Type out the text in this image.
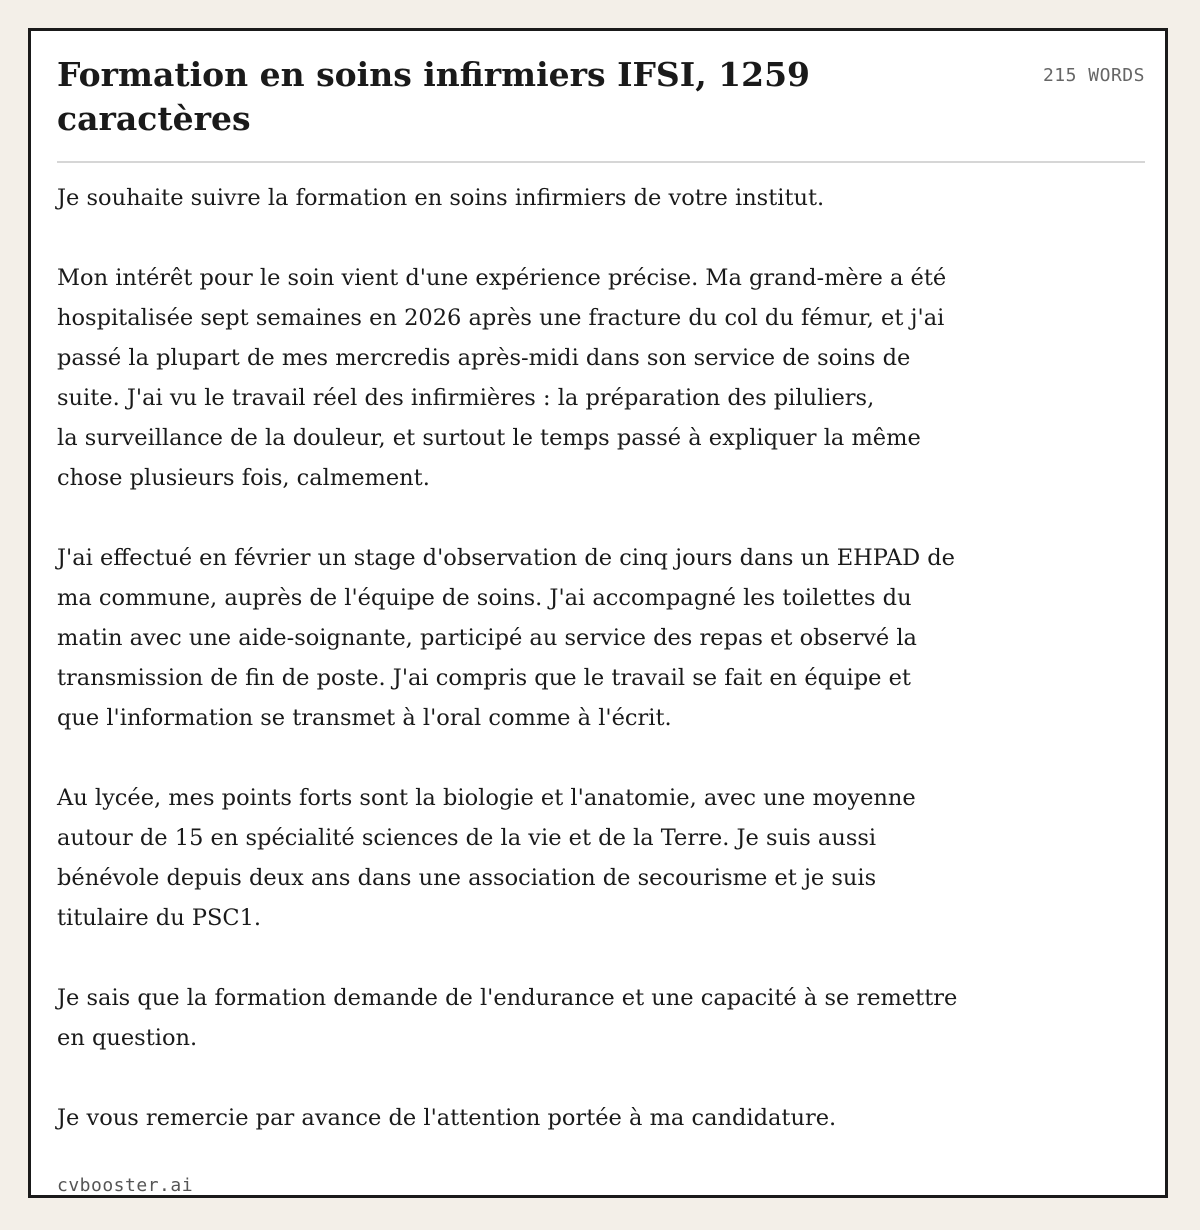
Formation en soins infirmiers IFSI, 1259 caractères
215 WORDS

Je souhaite suivre la formation en soins infirmiers de votre institut.

Mon intérêt pour le soin vient d'une expérience précise. Ma grand-mère a été
hospitalisée sept semaines en 2026 après une fracture du col du fémur, et j'ai
passé la plupart de mes mercredis après-midi dans son service de soins de
suite. J'ai vu le travail réel des infirmières : la préparation des piluliers,
la surveillance de la douleur, et surtout le temps passé à expliquer la même
chose plusieurs fois, calmement.

J'ai effectué en février un stage d'observation de cinq jours dans un EHPAD de
ma commune, auprès de l'équipe de soins. J'ai accompagné les toilettes du
matin avec une aide-soignante, participé au service des repas et observé la
transmission de fin de poste. J'ai compris que le travail se fait en équipe et
que l'information se transmet à l'oral comme à l'écrit.

Au lycée, mes points forts sont la biologie et l'anatomie, avec une moyenne
autour de 15 en spécialité sciences de la vie et de la Terre. Je suis aussi
bénévole depuis deux ans dans une association de secourisme et je suis
titulaire du PSC1.

Je sais que la formation demande de l'endurance et une capacité à se remettre
en question.

Je vous remercie par avance de l'attention portée à ma candidature.

cvbooster.ai
